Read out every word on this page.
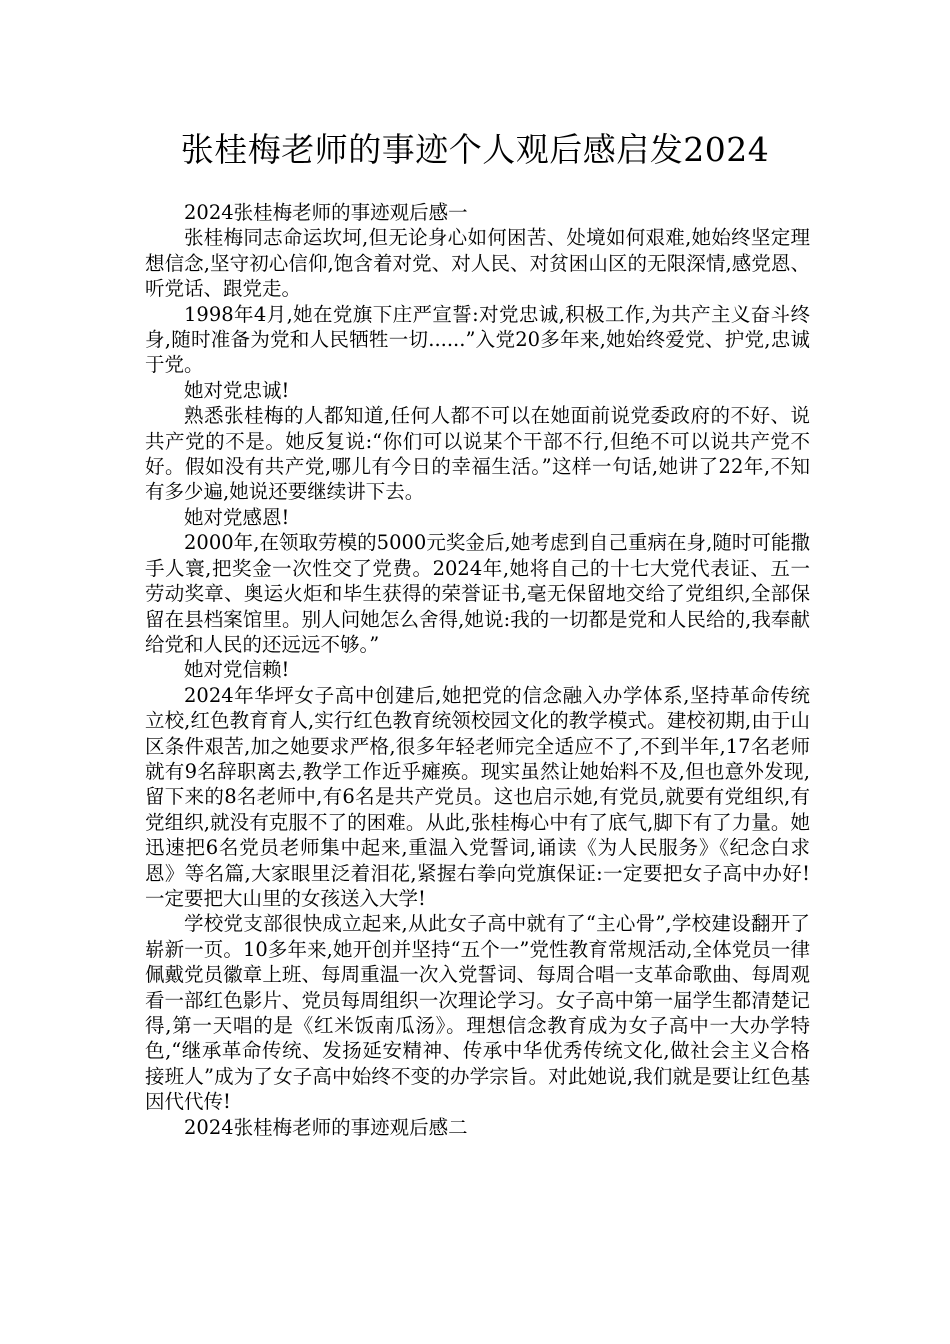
张桂梅老师的事迹个人观后感启发2024

2024张桂梅老师的事迹观后感一

张桂梅同志命运坎坷,但无论身心如何困苦、处境如何艰难,她始终坚定理想信念,坚守初心信仰,饱含着对党、对人民、对贫困山区的无限深情,感党恩、听党话、跟党走。

1998年4月,她在党旗下庄严宣誓:对党忠诚,积极工作,为共产主义奋斗终身,随时准备为党和人民牺牲一切......”入党20多年来,她始终爱党、护党,忠诚于党。

她对党忠诚!

熟悉张桂梅的人都知道,任何人都不可以在她面前说党委政府的不好、说共产党的不是。她反复说:“你们可以说某个干部不行,但绝不可以说共产党不好。假如没有共产党,哪儿有今日的幸福生活。”这样一句话,她讲了22年,不知有多少遍,她说还要继续讲下去。

她对党感恩!

2000年,在领取劳模的5000元奖金后,她考虑到自己重病在身,随时可能撒手人寰,把奖金一次性交了党费。2024年,她将自己的十七大党代表证、五一劳动奖章、奥运火炬和毕生获得的荣誉证书,毫无保留地交给了党组织,全部保留在县档案馆里。别人问她怎么舍得,她说:我的一切都是党和人民给的,我奉献给党和人民的还远远不够。”

她对党信赖!

2024年华坪女子高中创建后,她把党的信念融入办学体系,坚持革命传统立校,红色教育育人,实行红色教育统领校园文化的教学模式。建校初期,由于山区条件艰苦,加之她要求严格,很多年轻老师完全适应不了,不到半年,17名老师就有9名辞职离去,教学工作近乎瘫痪。现实虽然让她始料不及,但也意外发现,留下来的8名老师中,有6名是共产党员。这也启示她,有党员,就要有党组织,有党组织,就没有克服不了的困难。从此,张桂梅心中有了底气,脚下有了力量。她迅速把6名党员老师集中起来,重温入党誓词,诵读《为人民服务》《纪念白求恩》等名篇,大家眼里泛着泪花,紧握右拳向党旗保证:一定要把女子高中办好!一定要把大山里的女孩送入大学!

学校党支部很快成立起来,从此女子高中就有了“主心骨”,学校建设翻开了崭新一页。10多年来,她开创并坚持“五个一”党性教育常规活动,全体党员一律佩戴党员徽章上班、每周重温一次入党誓词、每周合唱一支革命歌曲、每周观看一部红色影片、党员每周组织一次理论学习。女子高中第一届学生都清楚记得,第一天唱的是《红米饭南瓜汤》。理想信念教育成为女子高中一大办学特色,“继承革命传统、发扬延安精神、传承中华优秀传统文化,做社会主义合格接班人”成为了女子高中始终不变的办学宗旨。对此她说,我们就是要让红色基因代代传!

2024张桂梅老师的事迹观后感二
